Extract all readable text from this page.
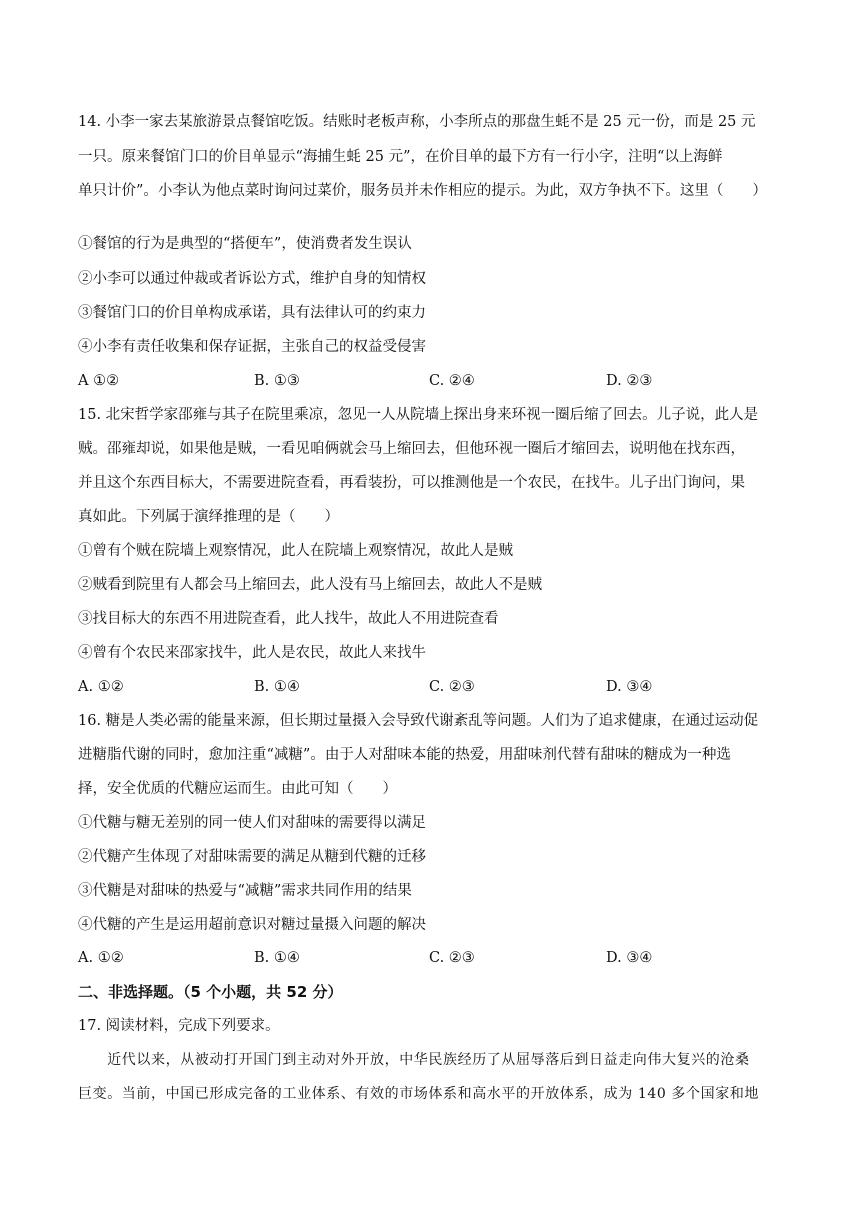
14. 小李一家去某旅游景点餐馆吃饭。结账时老板声称，小李所点的那盘生蚝不是 25 元一份，而是 25 元
一只。原来餐馆门口的价目单显示“海捕生蚝 25 元”，在价目单的最下方有一行小字，注明“以上海鲜
单只计价”。小李认为他点菜时询问过菜价，服务员并未作相应的提示。为此，双方争执不下。这里（　　）
①餐馆的行为是典型的“搭便车”，使消费者发生误认
②小李可以通过仲裁或者诉讼方式，维护自身的知情权
③餐馆门口的价目单构成承诺，具有法律认可的约束力
④小李有责任收集和保存证据，主张自己的权益受侵害
A ①②	B. ①③	C. ②④	D. ②③
15. 北宋哲学家邵雍与其子在院里乘凉，忽见一人从院墙上探出身来环视一圈后缩了回去。儿子说，此人是
贼。邵雍却说，如果他是贼，一看见咱俩就会马上缩回去，但他环视一圈后才缩回去，说明他在找东西，
并且这个东西目标大，不需要进院查看，再看装扮，可以推测他是一个农民，在找牛。儿子出门询问，果
真如此。下列属于演绎推理的是（　　）
①曾有个贼在院墙上观察情况，此人在院墙上观察情况，故此人是贼
②贼看到院里有人都会马上缩回去，此人没有马上缩回去，故此人不是贼
③找目标大的东西不用进院查看，此人找牛，故此人不用进院查看
④曾有个农民来邵家找牛，此人是农民，故此人来找牛
A. ①②	B. ①④	C. ②③	D. ③④
16. 糖是人类必需的能量来源，但长期过量摄入会导致代谢紊乱等问题。人们为了追求健康，在通过运动促
进糖脂代谢的同时，愈加注重“减糖”。由于人对甜味本能的热爱，用甜味剂代替有甜味的糖成为一种选
择，安全优质的代糖应运而生。由此可知（　　）
①代糖与糖无差别的同一使人们对甜味的需要得以满足
②代糖产生体现了对甜味需要的满足从糖到代糖的迁移
③代糖是对甜味的热爱与“减糖”需求共同作用的结果
④代糖的产生是运用超前意识对糖过量摄入问题的解决
A. ①②	B. ①④	C. ②③	D. ③④
二、非选择题。（5 个小题，共 52 分）
17. 阅读材料，完成下列要求。
　　近代以来，从被动打开国门到主动对外开放，中华民族经历了从屈辱落后到日益走向伟大复兴的沧桑
巨变。当前，中国已形成完备的工业体系、有效的市场体系和高水平的开放体系，成为 140 多个国家和地
